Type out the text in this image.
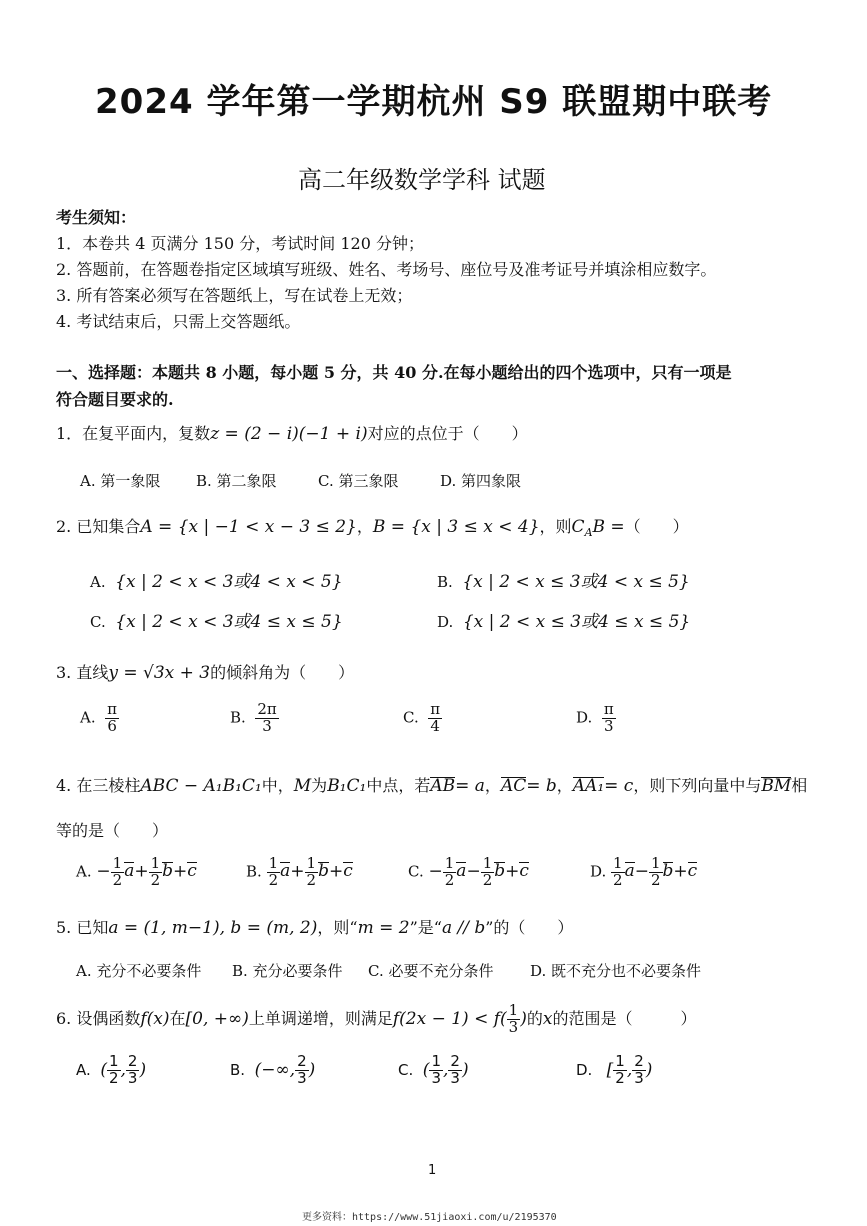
2024 学年第一学期杭州 S9 联盟期中联考
高二年级数学学科 试题
考生须知：
1．本卷共 4 页满分 150 分，考试时间 120 分钟；
2. 答题前，在答题卷指定区域填写班级、姓名、考场号、座位号及准考证号并填涂相应数字。
3. 所有答案必须写在答题纸上，写在试卷上无效；
4. 考试结束后，只需上交答题纸。
一、选择题：本题共 8 小题，每小题 5 分，共 40 分.在每小题给出的四个选项中，只有一项是
符合题目要求的.
1．在复平面内，复数z = (2 − i)(−1 + i)对应的点位于（　　）
A. 第一象限 B. 第二象限	C. 第三象限	D. 第四象限
2. 已知集合A = {x | −1 < x − 3 ≤ 2}，B = {x | 3 ≤ x < 4}，则$C_AB$ =（　　）
A. {x | 2 < x < 3或4 < x < 5}	B. {x | 2 < x ≤ 3或4 < x ≤ 5}
C. {x | 2 < x < 3或4 ≤ x ≤ 5}	D. {x | 2 < x ≤ 3或4 ≤ x ≤ 5}
3. 直线y = √3x + 3的倾斜角为（　　）
A. $\frac{\pi}{6}$	B. $\frac{2\pi}{3}$	C. $\frac{\pi}{4}$	D. $\frac{\pi}{3}$
4. 在三棱柱ABC − A₁B₁C₁中，M为B₁C₁中点，若AB= a，AC= b，AA₁= c，则下列向量中与BM相
等的是（　　）
A. − $\frac{1}{2} a+ \frac{1}{2} b+c$	B. $\frac{1}{2} a+ \frac{1}{2} b+c$	C. − $\frac{1}{2} a- \frac{1}{2} b+c$	D. $\frac{1}{2} a- \frac{1}{2} b+c$
5. 已知a = (1, m−1), b = (m, 2)，则“m = 2”是“a // b”的（　　）
A. 充分不必要条件 B. 充分必要条件 C. 必要不充分条件 D. 既不充分也不必要条件
6. 设偶函数f(x)在[0, +∞)上单调递增，则满足$f(2x - 1) < f( \frac{1}{3}$ )的x的范围是（　　　）
A. ( $\frac{1}{2}$ , $\frac{2}{3}$ )	B. (−∞, $\frac{2}{3}$ )	C. ( $\frac{1}{3}$ , $\frac{2}{3}$ )	D. [ $\frac{1}{2}$ , $\frac{2}{3}$ )
1
更多资料：https://www.51jiaoxi.com/u/2195370
